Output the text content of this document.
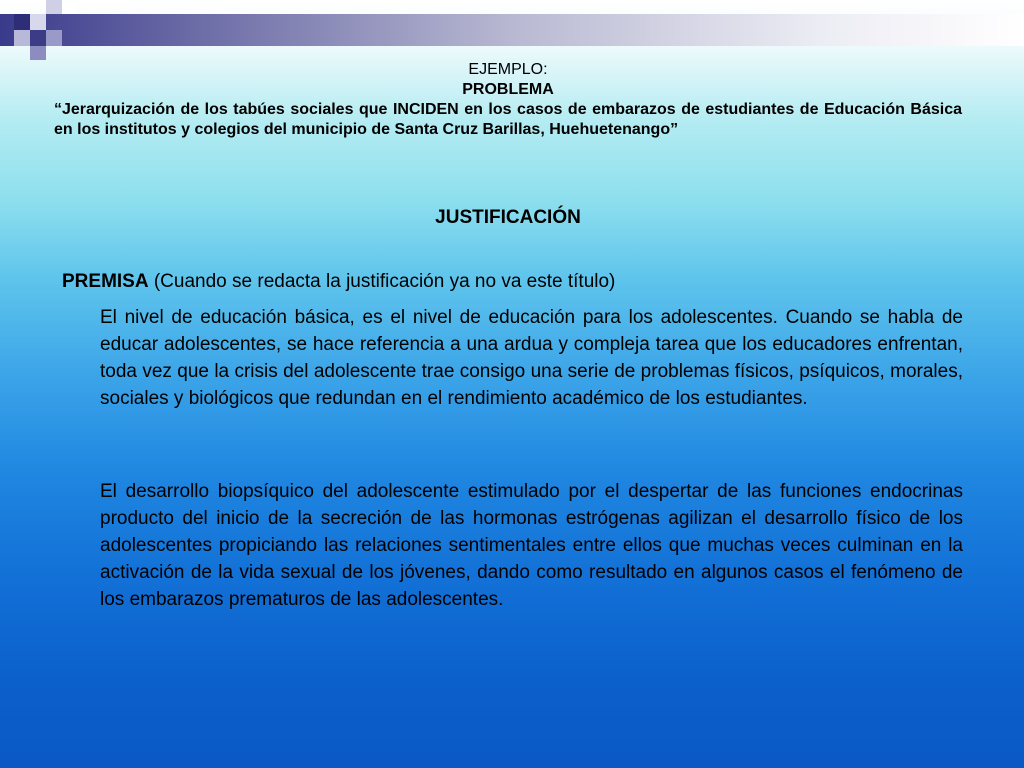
EJEMPLO:
PROBLEMA
“Jerarquización de los tabúes sociales que INCIDEN en los casos de embarazos de estudiantes de Educación Básica en los institutos y colegios del municipio de Santa Cruz Barillas, Huehuetenango”
JUSTIFICACIÓN
PREMISA (Cuando se redacta la justificación ya no va este título)
El nivel de educación básica, es el nivel de educación para los adolescentes. Cuando se habla de educar adolescentes, se hace referencia a una ardua y compleja tarea que los educadores enfrentan, toda vez que la crisis del adolescente trae consigo una serie de problemas físicos, psíquicos, morales, sociales y biológicos que redundan en el rendimiento académico de los estudiantes.
El desarrollo biopsíquico del adolescente estimulado por el despertar de las funciones endocrinas producto del inicio de la secreción de las hormonas estrógenas agilizan el desarrollo físico de los adolescentes propiciando las relaciones sentimentales entre ellos que muchas veces culminan en la activación de la vida sexual de los jóvenes, dando como resultado en algunos casos el fenómeno de los embarazos prematuros de las adolescentes.
